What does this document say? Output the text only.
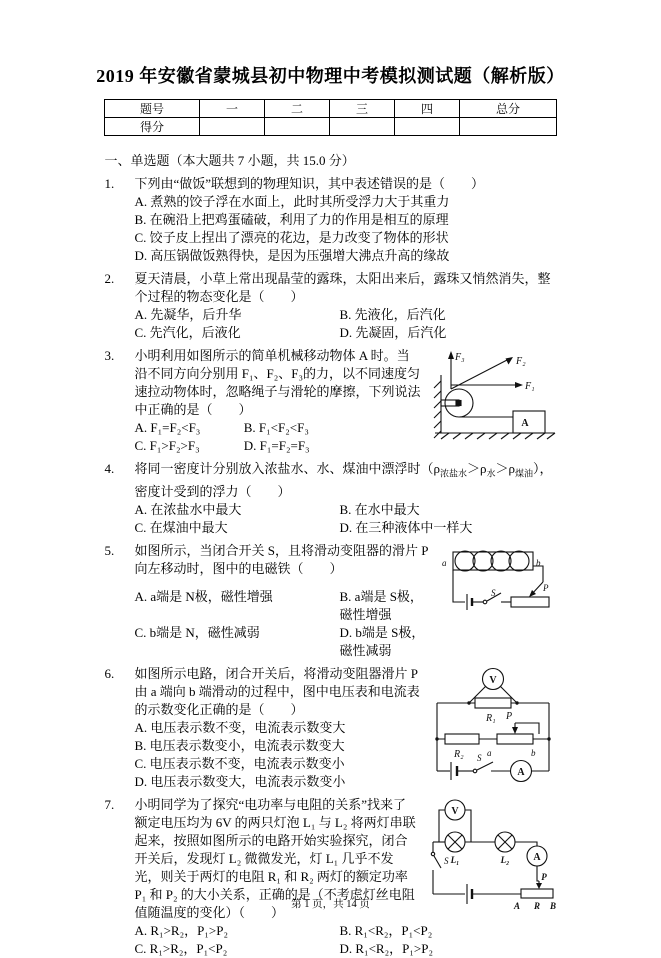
2019 年安徽省蒙城县初中物理中考模拟测试题（解析版）
题号	一	二	三	四	总分
得分					
一、单选题（本大题共 7 小题，共 15.0 分）
1.	下列由“做饭”联想到的物理知识，其中表述错误的是（　　）
A. 煮熟的饺子浮在水面上，此时其所受浮力大于其重力
B. 在碗沿上把鸡蛋磕破，利用了力的作用是相互的原理
C. 饺子皮上捏出了漂亮的花边，是力改变了物体的形状
D. 高压锅做饭熟得快，是因为压强增大沸点升高的缘故
2.	夏天清晨，小草上常出现晶莹的露珠，太阳出来后，露珠又悄然消失，整个过程的物态变化是（　　）
A. 先凝华，后升华	B. 先液化，后汽化
C. 先汽化，后液化	D. 先凝固，后汽化
3.	F₃	F₂
F₁
A
小明利用如图所示的简单机械移动物体 A 时。当沿不同方向分别用 F₁、F₂、F₃的力，以不同速度匀速拉动物体时，忽略绳子与滑轮的摩擦，下列说法中正确的是（　　）
A. F₁=F₂<F₃	B. F₁<F₂<F₃ C. F₁>F₂>F₃	D. F₁=F₂=F₃
4.	将同一密度计分别放入浓盐水、水、煤油中漂浮时$(\rho_{浓盐水}>\rho_水>\rho_{煤油})$，密度计受到的浮力（　　）
A. 在浓盐水中最大	B. 在水中最大
C. 在煤油中最大	D. 在三种液体中一样大
5.
a	b
S	P
如图所示，当闭合开关 S，且将滑动变阻器的滑片 P 向左移动时，图中的电磁铁（　　）
A. a端是 N极，磁性增强	B. a端是 S极，磁性增强
C. b端是 N，磁性减弱	D. b端是 S极，磁性减弱
6.	V
A
R₁
R₂
P
a	b
S
如图所示电路，闭合开关后，将滑动变阻器滑片 P 由 a 端向 b 端滑动的过程中，图中电压表和电流表的示数变化正确的是（　　）
A. 电压表示数不变，电流表示数变大
B. 电压表示数变小，电流表示数变大
C. 电压表示数不变，电流表示数变小
D. 电压表示数变大，电流表示数变小
7.	V
A
L₁	L₂
S
P
A R B
小明同学为了探究“电功率与电阻的关系”找来了额定电压均为 6V 的两只灯泡 L₁ 与 L₂ 将两灯串联起来，按照如图所示的电路开始实验探究，闭合开关后，发现灯 L₂ 微微发光，灯 L₁ 几乎不发光，则关于两灯的电阻 R₁ 和 R₂ 两灯的额定功率 P₁ 和 P₂ 的大小关系，正确的是（不考虑灯丝电阻值随温度的变化）（　　）
A. R₁>R₂，P₁>P₂	B. R₁<R₂，P₁<P₂
C. R₁>R₂，P₁<P₂	D. R₁<R₂，P₁>P₂
第 1 页，共 14 页
